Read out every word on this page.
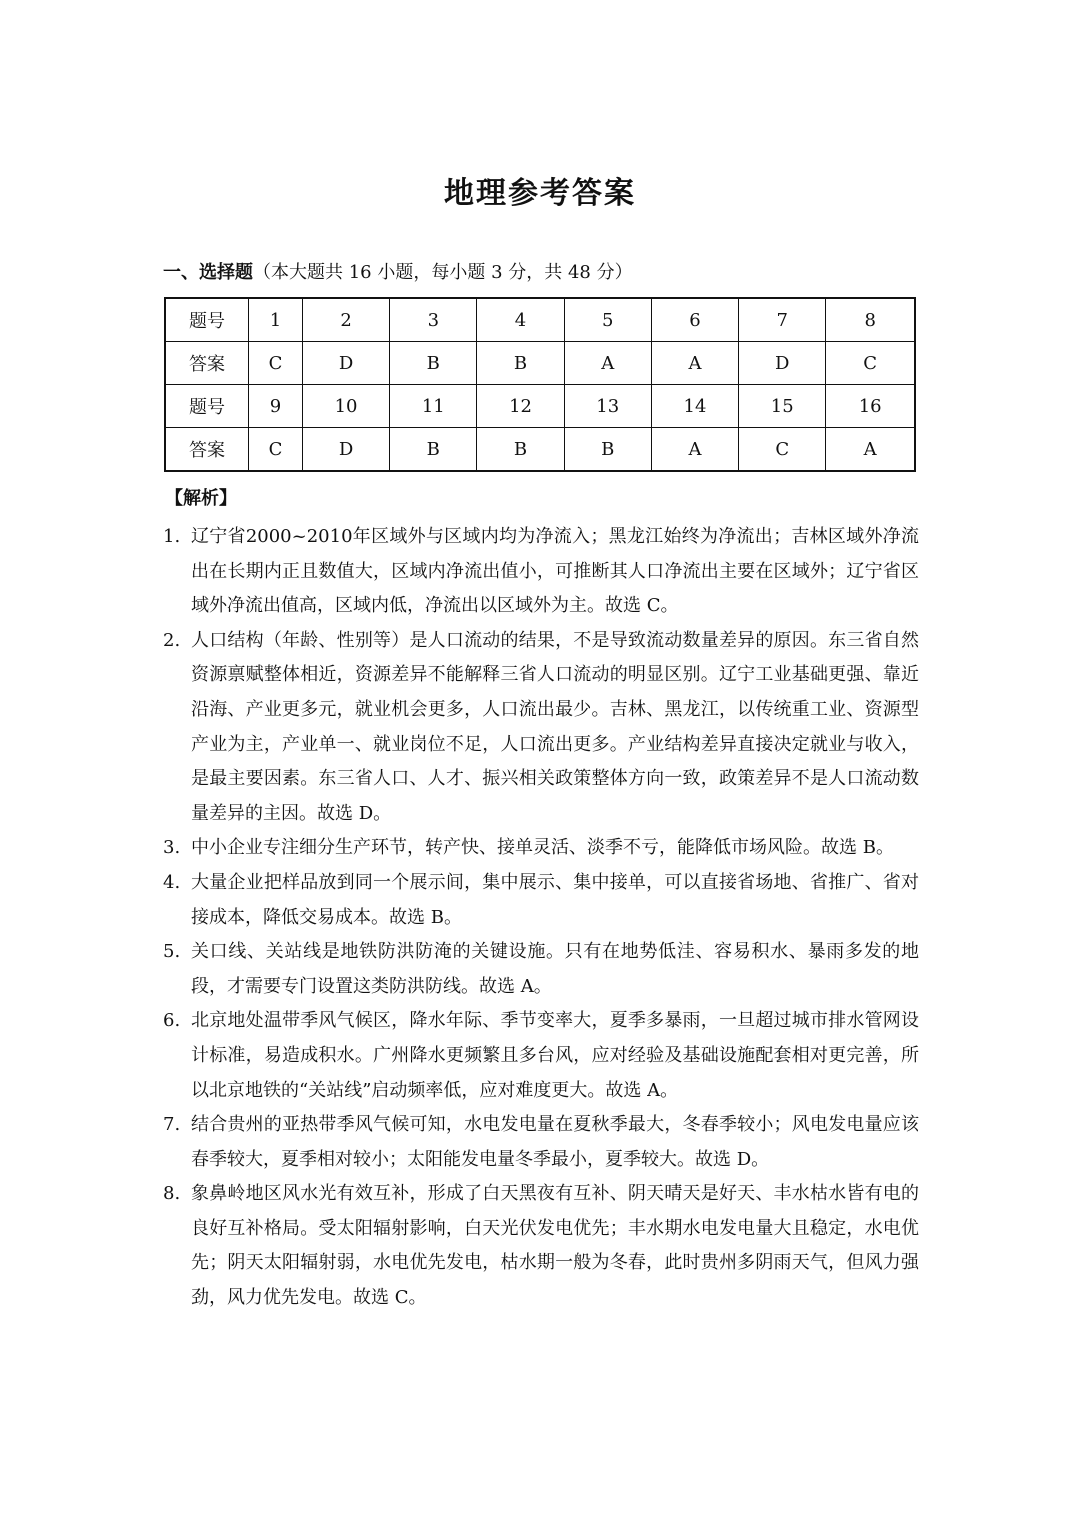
地理参考答案
一、选择题（本大题共 16 小题，每小题 3 分，共 48 分）
题号	1	2	3	4	5	6	7	8
答案	C	D	B	B	A	A	D	C
题号	9	10	11	12	13	14	15	16
答案	C	D	B	B	B	A	C	A
【解析】
1. 辽宁省2000~2010年区域外与区域内均为净流入；黑龙江始终为净流出；吉林区域外净流出在长期内正且数值大，区域内净流出值小，可推断其人口净流出主要在区域外；辽宁省区域外净流出值高，区域内低，净流出以区域外为主。故选 C。
2. 人口结构（年龄、性别等）是人口流动的结果，不是导致流动数量差异的原因。东三省自然资源禀赋整体相近，资源差异不能解释三省人口流动的明显区别。辽宁工业基础更强、靠近沿海、产业更多元，就业机会更多，人口流出最少。吉林、黑龙江，以传统重工业、资源型产业为主，产业单一、就业岗位不足，人口流出更多。产业结构差异直接决定就业与收入，是最主要因素。东三省人口、人才、振兴相关政策整体方向一致，政策差异不是人口流动数量差异的主因。故选 D。
3. 中小企业专注细分生产环节，转产快、接单灵活、淡季不亏，能降低市场风险。故选 B。
4. 大量企业把样品放到同一个展示间，集中展示、集中接单，可以直接省场地、省推广、省对接成本，降低交易成本。故选 B。
5. 关口线、关站线是地铁防洪防淹的关键设施。只有在地势低洼、容易积水、暴雨多发的地段，才需要专门设置这类防洪防线。故选 A。
6. 北京地处温带季风气候区，降水年际、季节变率大，夏季多暴雨，一旦超过城市排水管网设计标准，易造成积水。广州降水更频繁且多台风，应对经验及基础设施配套相对更完善，所以北京地铁的“关站线”启动频率低，应对难度更大。故选 A。
7. 结合贵州的亚热带季风气候可知，水电发电量在夏秋季最大，冬春季较小；风电发电量应该春季较大，夏季相对较小；太阳能发电量冬季最小，夏季较大。故选 D。
8. 象鼻岭地区风水光有效互补，形成了白天黑夜有互补、阴天晴天是好天、丰水枯水皆有电的良好互补格局。受太阳辐射影响，白天光伏发电优先；丰水期水电发电量大且稳定，水电优先；阴天太阳辐射弱，水电优先发电，枯水期一般为冬春，此时贵州多阴雨天气，但风力强劲，风力优先发电。故选 C。
